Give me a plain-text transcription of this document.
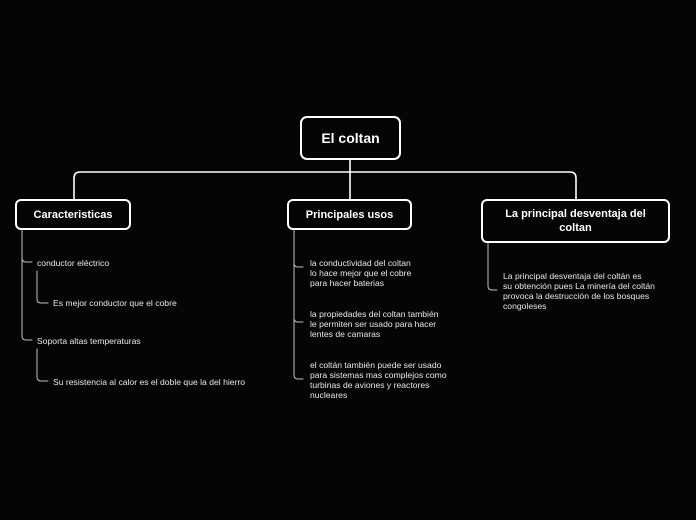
El coltan
Caracteristicas	Principales usos	La principal desventaja del coltan
conductor eléctrico
Es mejor conductor que el cobre
Soporta altas temperaturas
Su resistencia al calor es el doble que la del hierro
la conductividad del coltan
lo hace mejor que el cobre
para hacer baterias
la propiedades del coltan también
le permiten ser usado para hacer
lentes de camaras
el coltán también puede ser usado
para sistemas mas complejos como
turbinas de aviones y reactores
nucleares
La principal desventaja del coltán es
su obtención pues La minería del coltán
provoca la destrucción de los bosques
congoleses
